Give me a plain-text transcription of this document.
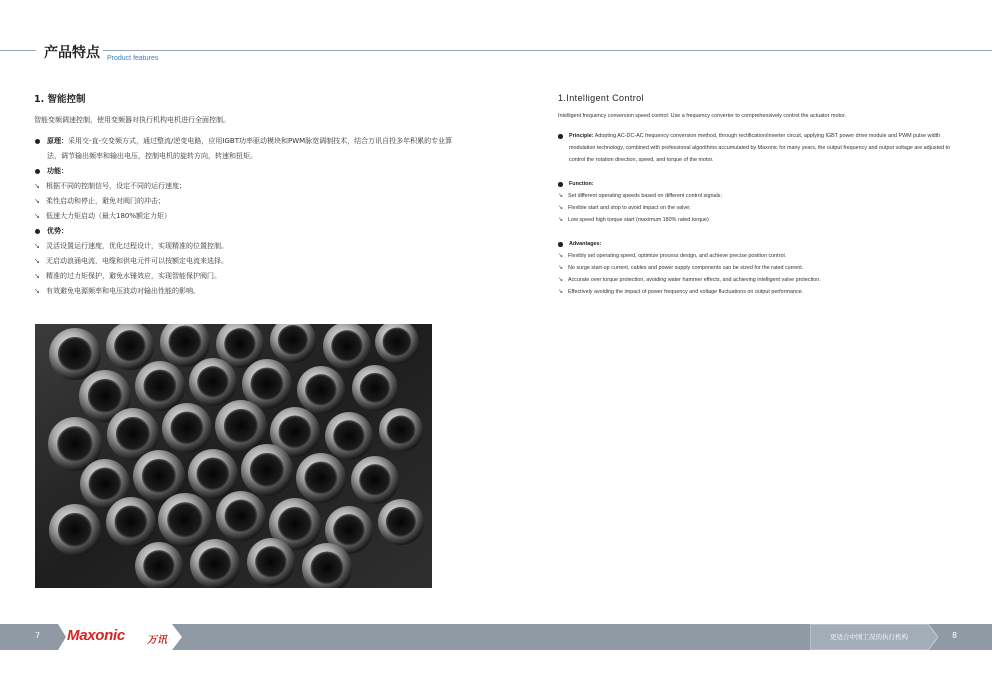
产品特点 Product features
1. 智能控制
智能变频调速控制，使用变频器对执行机构电机进行全面控制。
原理：采用交-直-交变频方式，通过整流/逆变电路，应用IGBT功率驱动模块和PWM脉宽调制技术，结合万讯自投多年积累的专业算法，调节输出频率和输出电压，控制电机的旋转方向，转速和扭矩。
功能：
↘ 根据不同的控制信号，设定不同的运行速度；
↘ 柔性启动和停止，避免对阀门的冲击；
↘ 低速大力矩启动（最大180%额定力矩）
优势：
↘ 灵活设置运行速度，优化过程设计，实现精准的位置控制。
↘ 无启动浪涌电流，电缆和供电元件可以按额定电流来选择。
↘ 精准的过力矩保护，避免水锤效应，实现智能保护阀门。
↘ 有效避免电源频率和电压波动对输出性能的影响。
1.Intelligent Control
Intelligent frequency conversion speed control: Use a frequency converter to comprehensively control the actuator motor.
Principle: Adopting AC-DC-AC frequency conversion method, through rectification/inverter circuit, applying IGBT power drive module and PWM pulse width modulation technology, combined with professional algorithms accumulated by Maxonic for many years, the output frequency and output voltage are adjusted to control the rotation direction, speed, and torque of the motor.
Function:
↘ Set different operating speeds based on different control signals;
↘ Flexible start and stop to avoid impact on the valve;
↘ Low speed high torque start (maximum 180% rated torque)
Advantages:
↘ Flexibly set operating speed, optimize process design, and achieve precise position control.
↘ No surge start-up current, cables and power supply components can be sized for the rated current.
↘ Accurate over torque protection, avoiding water hammer effects, and achieving intelligent valve protection.
↘ Effectively avoiding the impact of power frequency and voltage fluctuations on output performance.
7 Maxonic 万讯	更适合中国工况的执行机构	8
